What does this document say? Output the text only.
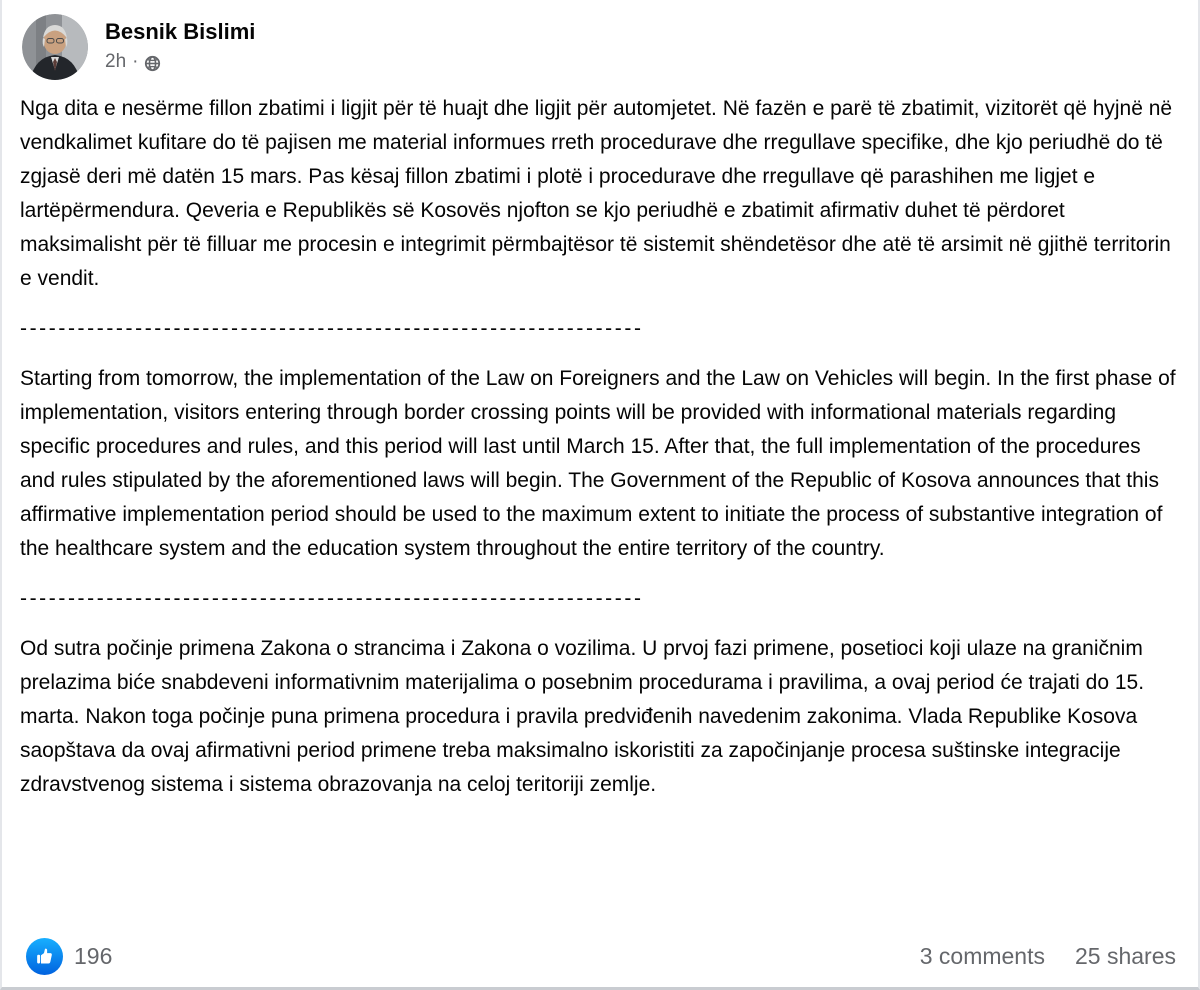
Besnik Bislimi
2h ·

Nga dita e nesërme fillon zbatimi i ligjit për të huajt dhe ligjit për automjetet. Në fazën e parë të zbatimit, vizitorët që hyjnë në vendkalimet kufitare do të pajisen me material informues rreth procedurave dhe rregullave specifike, dhe kjo periudhë do të zgjasë deri më datën 15 mars. Pas kësaj fillon zbatimi i plotë i procedurave dhe rregullave që parashihen me ligjet e lartëpërmendura. Qeveria e Republikës së Kosovës njofton se kjo periudhë e zbatimit afirmativ duhet të përdoret maksimalisht për të filluar me procesin e integrimit përmbajtësor të sistemit shëndetësor dhe atë të arsimit në gjithë territorin e vendit.

-----------------------------------------------------------------

Starting from tomorrow, the implementation of the Law on Foreigners and the Law on Vehicles will begin. In the first phase of implementation, visitors entering through border crossing points will be provided with informational materials regarding specific procedures and rules, and this period will last until March 15. After that, the full implementation of the procedures and rules stipulated by the aforementioned laws will begin. The Government of the Republic of Kosova announces that this affirmative implementation period should be used to the maximum extent to initiate the process of substantive integration of the healthcare system and the education system throughout the entire territory of the country.

-----------------------------------------------------------------

Od sutra počinje primena Zakona o strancima i Zakona o vozilima. U prvoj fazi primene, posetioci koji ulaze na graničnim prelazima biće snabdeveni informativnim materijalima o posebnim procedurama i pravilima, a ovaj period će trajati do 15. marta. Nakon toga počinje puna primena procedura i pravila predviđenih navedenim zakonima. Vlada Republike Kosova saopštava da ovaj afirmativni period primene treba maksimalno iskoristiti za započinjanje procesa suštinske integracije zdravstvenog sistema i sistema obrazovanja na celoj teritoriji zemlje.

196	3 comments 25 shares
